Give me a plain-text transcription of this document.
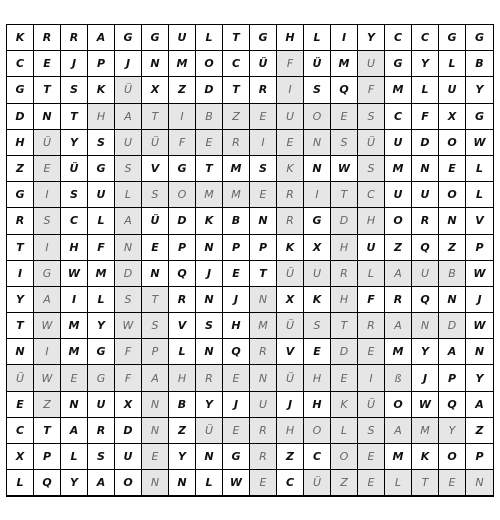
K	R	R	A	G	G	U	L	T	G	H	L	I	Y	C	C	G	G
C	E	J	P	J	N	M	O	C	Ü	F	Ü	M	U	G	Y	L	B
G	T	S	K	Ü	X	Z	D	T	R	I	S	Q	F	M	L	U	Y
D	N	T	H	A	T	I	B	Z	E	U	O	E	S	C	F	X	G
H	Ü	Y	S	U	Ü	F	E	R	I	E	N	S	Ü	U	D	O	W
Z	E	Ü	G	S	V	G	T	M	S	K	N	W	S	M	N	E	L
G	I	S	U	L	S	O	M	M	E	R	I	T	C	U	U	O	L
R	S	C	L	A	Ü	D	K	B	N	R	G	D	H	O	R	N	V
T	I	H	F	N	E	P	N	P	P	K	X	H	U	Z	Q	Z	P
I	G	W	M	D	N	Q	J	E	T	Ü	U	R	L	A	U	B	W
Y	A	I	L	S	T	R	N	J	N	X	K	H	F	R	Q	N	J
T	W	M	Y	W	S	V	S	H	M	Ü	S	T	R	A	N	D	W
N	I	M	G	F	P	L	N	Q	R	V	E	D	E	M	Y	A	N
Ü	W	E	G	F	A	H	R	E	N	Ü	H	E	I	ß	J	P	Y
E	Z	N	U	X	N	B	Y	J	U	J	H	K	Ü	O	W	Q	A
C	T	A	R	D	N	Z	Ü	E	R	H	O	L	S	A	M	Y	Z
X	P	L	S	U	E	Y	N	G	R	Z	C	O	E	M	K	O	P
L	Q	Y	A	O	N	N	L	W	E	C	Ü	Z	E	L	T	E	N
